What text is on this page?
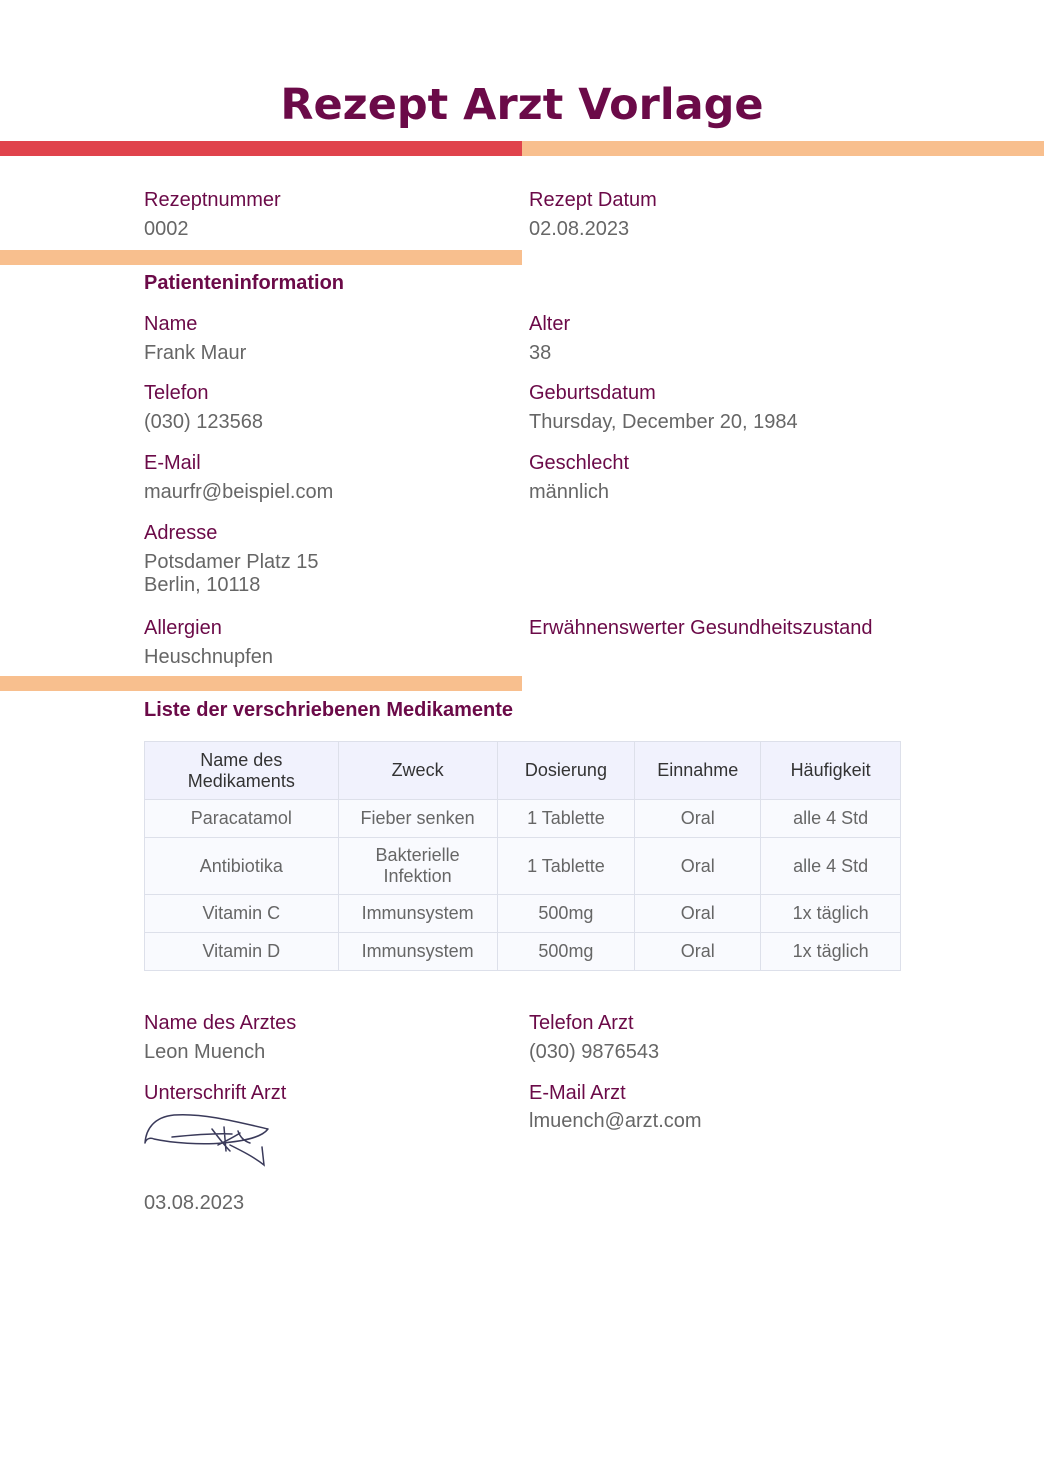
Rezept Arzt Vorlage
Rezeptnummer
0002
Rezept Datum
02.08.2023
Patienteninformation
Name
Frank Maur
Alter
38
Telefon
(030) 123568
Geburtsdatum
Thursday, December 20, 1984
E-Mail
maurfr@beispiel.com
Geschlecht
männlich
Adresse
Potsdamer Platz 15
Berlin, 10118
Allergien
Heuschnupfen
Erwähnenswerter Gesundheitszustand
Liste der verschriebenen Medikamente
Name des Medikaments	Zweck	Dosierung	Einnahme	Häufigkeit
Paracatamol	Fieber senken	1 Tablette	Oral	alle 4 Std
Antibiotika	Bakterielle Infektion	1 Tablette	Oral	alle 4 Std
Vitamin C	Immunsystem	500mg	Oral	1x täglich
Vitamin D	Immunsystem	500mg	Oral	1x täglich
Name des Arztes
Leon Muench
Telefon Arzt
(030) 9876543
Unterschrift Arzt	E-Mail Arzt
lmuench@arzt.com
03.08.2023
